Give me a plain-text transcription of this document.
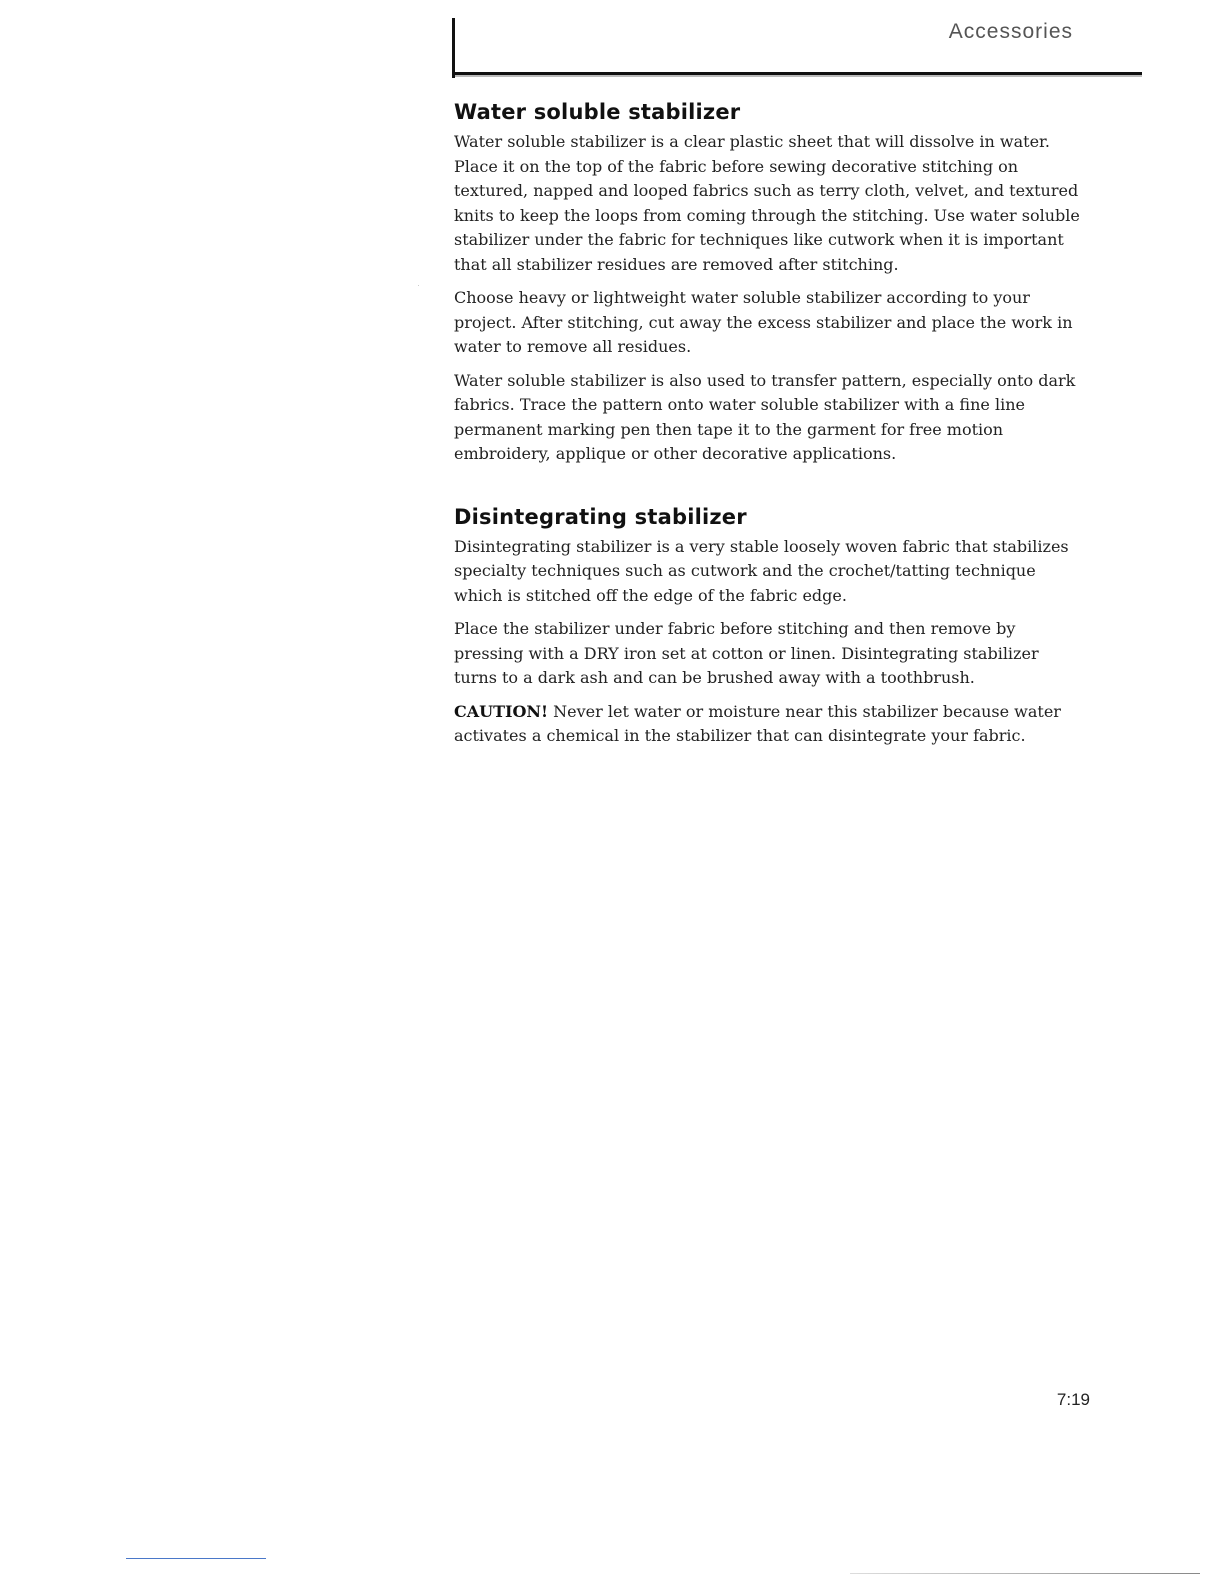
Accessories
Water soluble stabilizer

Water soluble stabilizer is a clear plastic sheet that will dissolve in water. Place it on the top of the fabric before sewing decorative stitching on textured, napped and looped fabrics such as terry cloth, velvet, and textured knits to keep the loops from coming through the stitching. Use water soluble stabilizer under the fabric for techniques like cutwork when it is important that all stabilizer residues are removed after stitching.

Choose heavy or lightweight water soluble stabilizer according to your project. After stitching, cut away the excess stabilizer and place the work in water to remove all residues.

Water soluble stabilizer is also used to transfer pattern, especially onto dark fabrics. Trace the pattern onto water soluble stabilizer with a fine line permanent marking pen then tape it to the garment for free motion embroidery, applique or other decorative applications.

Disintegrating stabilizer

Disintegrating stabilizer is a very stable loosely woven fabric that stabilizes specialty techniques such as cutwork and the crochet/tatting technique which is stitched off the edge of the fabric edge.

Place the stabilizer under fabric before stitching and then remove by pressing with a DRY iron set at cotton or linen. Disintegrating stabilizer turns to a dark ash and can be brushed away with a toothbrush.

CAUTION! Never let water or moisture near this stabilizer because water activates a chemical in the stabilizer that can disintegrate your fabric.

7:19
